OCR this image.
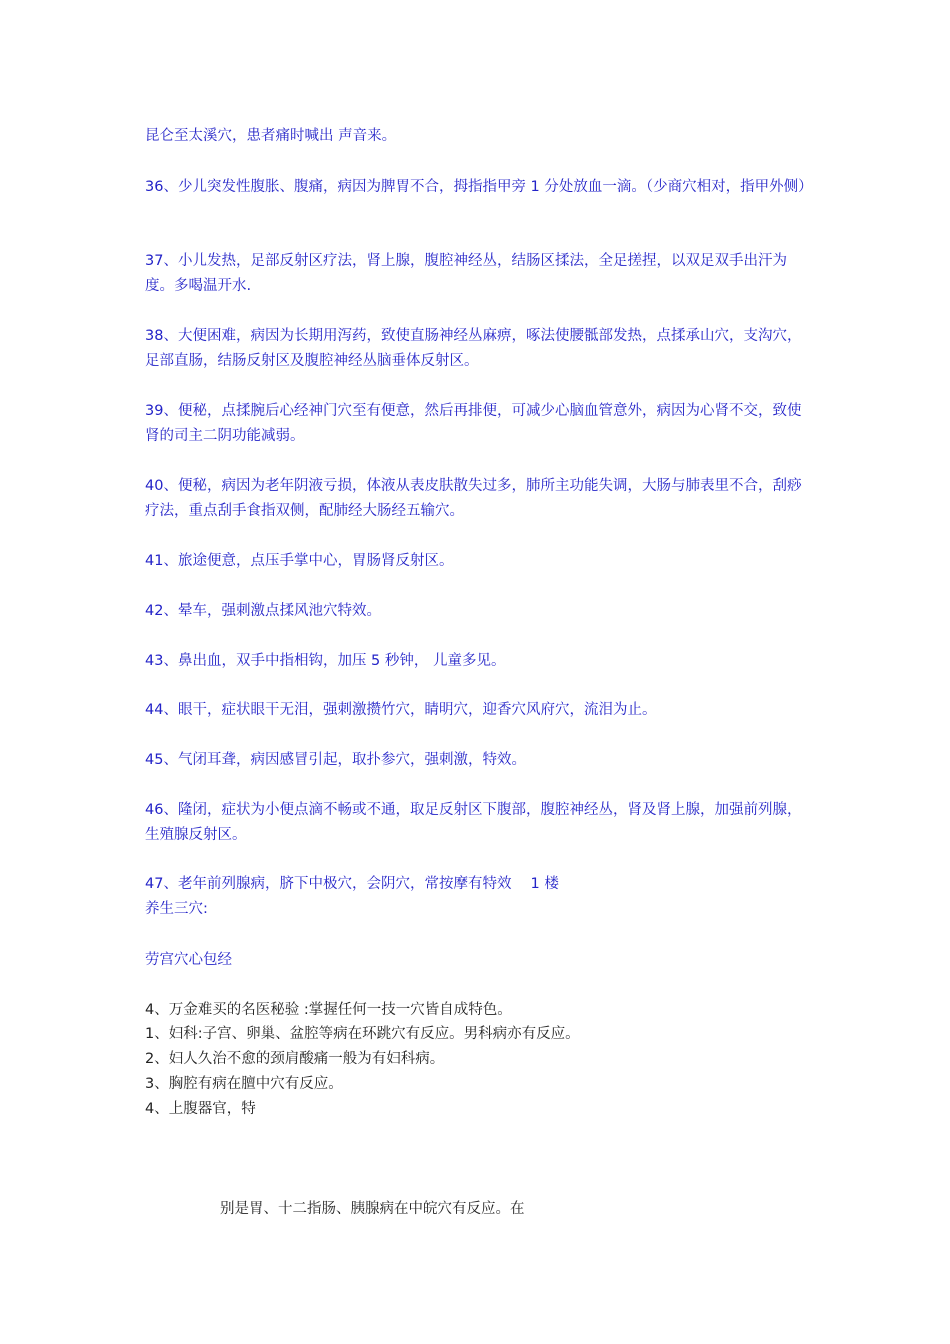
昆仑至太溪穴，患者痛时喊出 声音来。

36、少儿突发性腹胀、腹痛，病因为脾胃不合，拇指指甲旁 1 分处放血一滴。（少商穴相对，指甲外侧）

37、小儿发热，足部反射区疗法，肾上腺，腹腔神经丛，结肠区揉法，全足搓捏，以双足双手出汗为度。多喝温开水.

38、大便困难，病因为长期用泻药，致使直肠神经丛麻痹，啄法使腰骶部发热，点揉承山穴，支沟穴，足部直肠，结肠反射区及腹腔神经丛脑垂体反射区。

39、便秘，点揉腕后心经神门穴至有便意，然后再排便，可减少心脑血管意外，病因为心肾不交，致使肾的司主二阴功能减弱。

40、便秘，病因为老年阴液亏损，体液从表皮肤散失过多，肺所主功能失调，大肠与肺表里不合，刮痧疗法，重点刮手食指双侧，配肺经大肠经五输穴。

41、旅途便意，点压手掌中心，胃肠肾反射区。

42、晕车，强刺激点揉风池穴特效。

43、鼻出血，双手中指相钩，加压 5 秒钟， 儿童多见。

44、眼干，症状眼干无泪，强刺激攒竹穴，睛明穴，迎香穴风府穴，流泪为止。

45、气闭耳聋，病因感冒引起，取扑参穴，强刺激，特效。

46、隆闭，症状为小便点滴不畅或不通，取足反射区下腹部，腹腔神经丛，肾及肾上腺，加强前列腺，生殖腺反射区。

47、老年前列腺病，脐下中极穴，会阴穴，常按摩有特效　 1 楼

养生三穴:

劳宫穴心包经

4、万金难买的名医秘验 :掌握任何一技一穴皆自成特色。

1、妇科:子宫、卵巢、盆腔等病在环跳穴有反应。男科病亦有反应。

2、妇人久治不愈的颈肩酸痛一般为有妇科病。

3、胸腔有病在膻中穴有反应。

4、上腹器官，特

别是胃、十二指肠、胰腺病在中皖穴有反应。在
